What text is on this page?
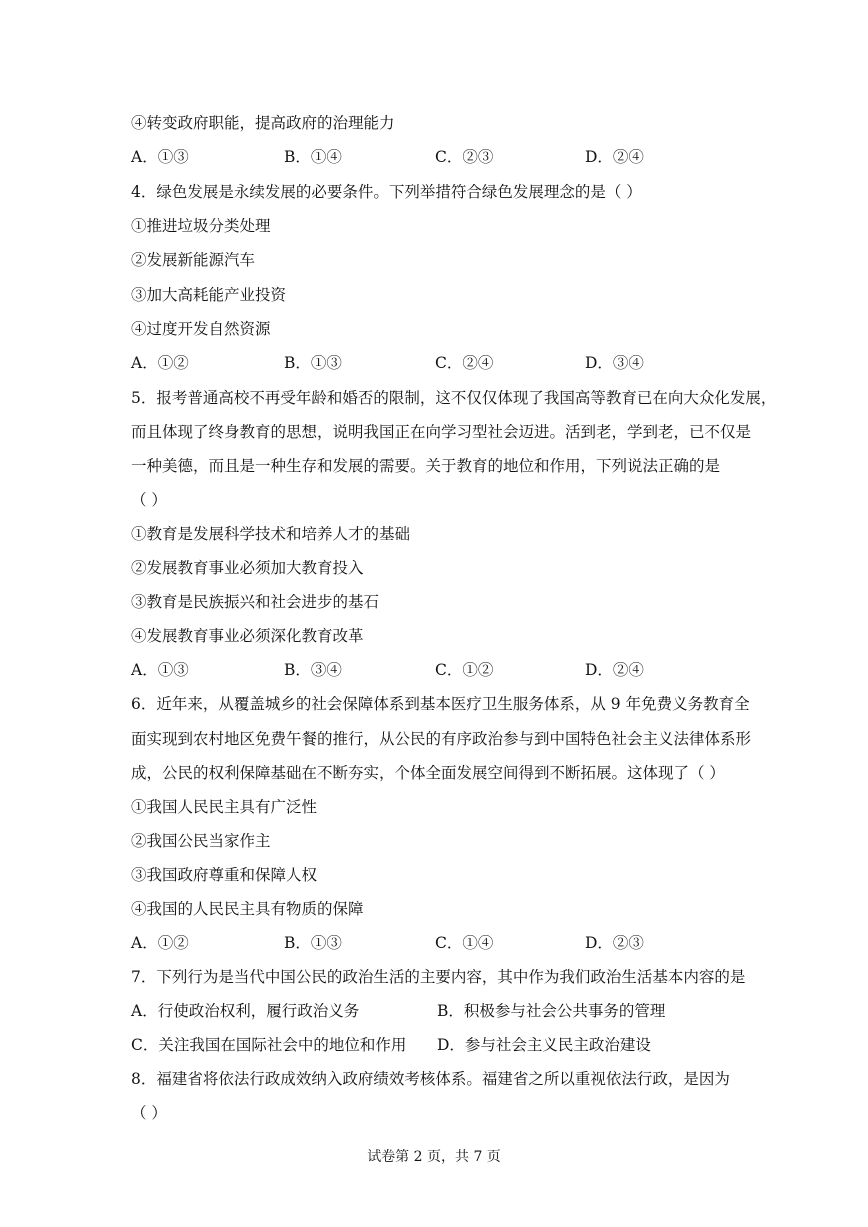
④转变政府职能，提高政府的治理能力
A．①③	B．①④	C．②③	D．②④
4．绿色发展是永续发展的必要条件。下列举措符合绿色发展理念的是（ ）
①推进垃圾分类处理
②发展新能源汽车
③加大高耗能产业投资
④过度开发自然资源
A．①②	B．①③	C．②④	D．③④
5．报考普通高校不再受年龄和婚否的限制，这不仅仅体现了我国高等教育已在向大众化发展，
而且体现了终身教育的思想，说明我国正在向学习型社会迈进。活到老，学到老，已不仅是
一种美德，而且是一种生存和发展的需要。关于教育的地位和作用，下列说法正确的是
（ ）
①教育是发展科学技术和培养人才的基础
②发展教育事业必须加大教育投入
③教育是民族振兴和社会进步的基石
④发展教育事业必须深化教育改革
A．①③	B．③④	C．①②	D．②④
6．近年来，从覆盖城乡的社会保障体系到基本医疗卫生服务体系，从 9 年免费义务教育全
面实现到农村地区免费午餐的推行，从公民的有序政治参与到中国特色社会主义法律体系形
成，公民的权利保障基础在不断夯实，个体全面发展空间得到不断拓展。这体现了（ ）
①我国人民民主具有广泛性
②我国公民当家作主
③我国政府尊重和保障人权
④我国的人民民主具有物质的保障
A．①②	B．①③	C．①④	D．②③
7．下列行为是当代中国公民的政治生活的主要内容，其中作为我们政治生活基本内容的是
A．行使政治权利，履行政治义务	B．积极参与社会公共事务的管理
C．关注我国在国际社会中的地位和作用 D．参与社会主义民主政治建设
8．福建省将依法行政成效纳入政府绩效考核体系。福建省之所以重视依法行政，是因为
（ ）
试卷第 2 页，共 7 页
